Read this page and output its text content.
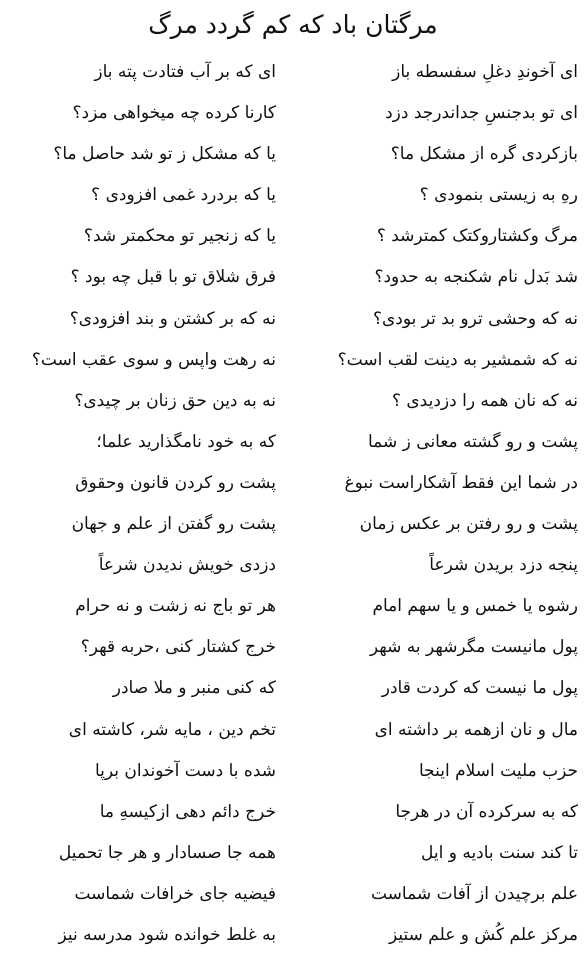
مرگتان باد که کم گردد مرگ
ای آخوندِ دغلِ سفسطه باز
ای که بر آب فتادت پته باز
ای تو بدجنسِ جداندرجد دزد
کارنا کرده چه میخواهی مزد؟
بازکردی گره از مشکل ما؟
یا که مشکل ز تو شد حاصل ما؟
رهِ به زیستی بنمودی ؟
یا که بردرد غمی افزودی ؟
مرگ وکشتاروکتک کمترشد ؟
یا که زنجیر تو محکمتر شد؟
شد بَدل نام شکنجه به حدود؟
فرق شلاق تو با قبل چه بود ؟
نه که وحشی ترو بد تر بودی؟
نه که بر کشتن و بند افزودی؟
نه که شمشیر به دینت لقب است؟
نه رهت واپس و سوی عقب است؟
نه که نان همه را دزدیدی ؟
نه به دین حق زنان بر چیدی؟
پشت و رو گشته معانی ز شما
که به خود نامگذارید علما؛
در شما این فقط آشکاراست نبوغ
پشت رو کردن قانون وحقوق
پشت و رو رفتن بر عکس زمان
پشت رو گفتن از علم و جهان
پنجه دزد بریدن شرعاً
دزدی خویش ندیدن شرعاً
رشوه یا خمس و یا سهم امام
هر تو باج نه زشت و نه حرام
پول مانیست مگرشهر به شهر
خرج کشتار کنی ،حربه قهر؟
پول ما نیست که کردت قادر
که کنی منبر و ملا صادر
مال و نان ازهمه بر داشته ای
تخم دین ، مایه شر، کاشته ای
حزب ملیت اسلام اینجا
شده با دست آخوندان برپا
که به سرکرده آن در هرجا
خرج دائم دهی ازکیسهِ ما
تا کند سنت بادیه و ایل
همه جا صسادار و هر جا تحمیل
علم برچیدن از آفات شماست
فیضیه جای خرافات شماست
مرکز علم کُش و علم ستیز
به غلط خوانده شود مدرسه نیز
